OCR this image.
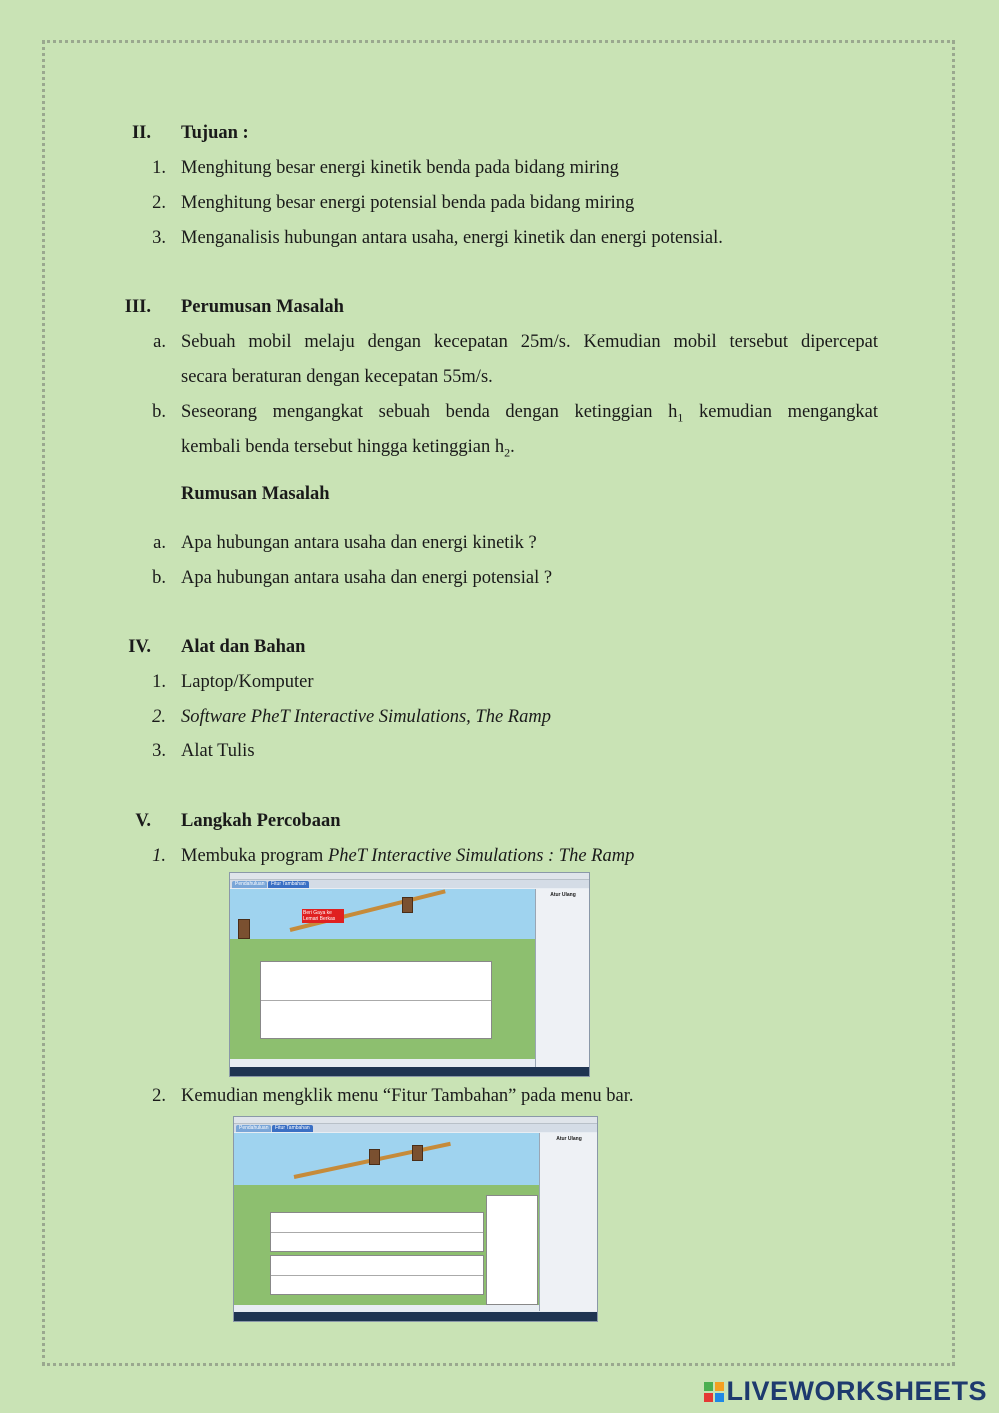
II. Tujuan :
1. Menghitung besar energi kinetik benda pada bidang miring
2. Menghitung besar energi potensial benda pada bidang miring
3. Menganalisis hubungan antara usaha, energi kinetik dan energi potensial.
III. Perumusan Masalah
a. Sebuah mobil melaju dengan kecepatan 25m/s. Kemudian mobil tersebut dipercepat
secara beraturan dengan kecepatan 55m/s.
b. Seseorang mengangkat sebuah benda dengan ketinggian $h_1$ kemudian mengangkat
kembali benda tersebut hingga ketinggian $h_2$.
Rumusan Masalah
a. Apa hubungan antara usaha dan energi kinetik ?
b. Apa hubungan antara usaha dan energi potensial ?
IV. Alat dan Bahan
1. Laptop/Komputer
2. Software PheT Interactive Simulations, The Ramp
3. Alat Tulis
V. Langkah Percobaan
1. Membuka program PheT Interactive Simulations : The Ramp
Pendahuluan	Fitur Tambahan
Beri Gaya ke Lemari Berkas
Atur Ulang
2. Kemudian mengklik menu “Fitur Tambahan” pada menu bar.
Pendahuluan	Fitur Tambahan
Atur Ulang
LIVEWORKSHEETS
